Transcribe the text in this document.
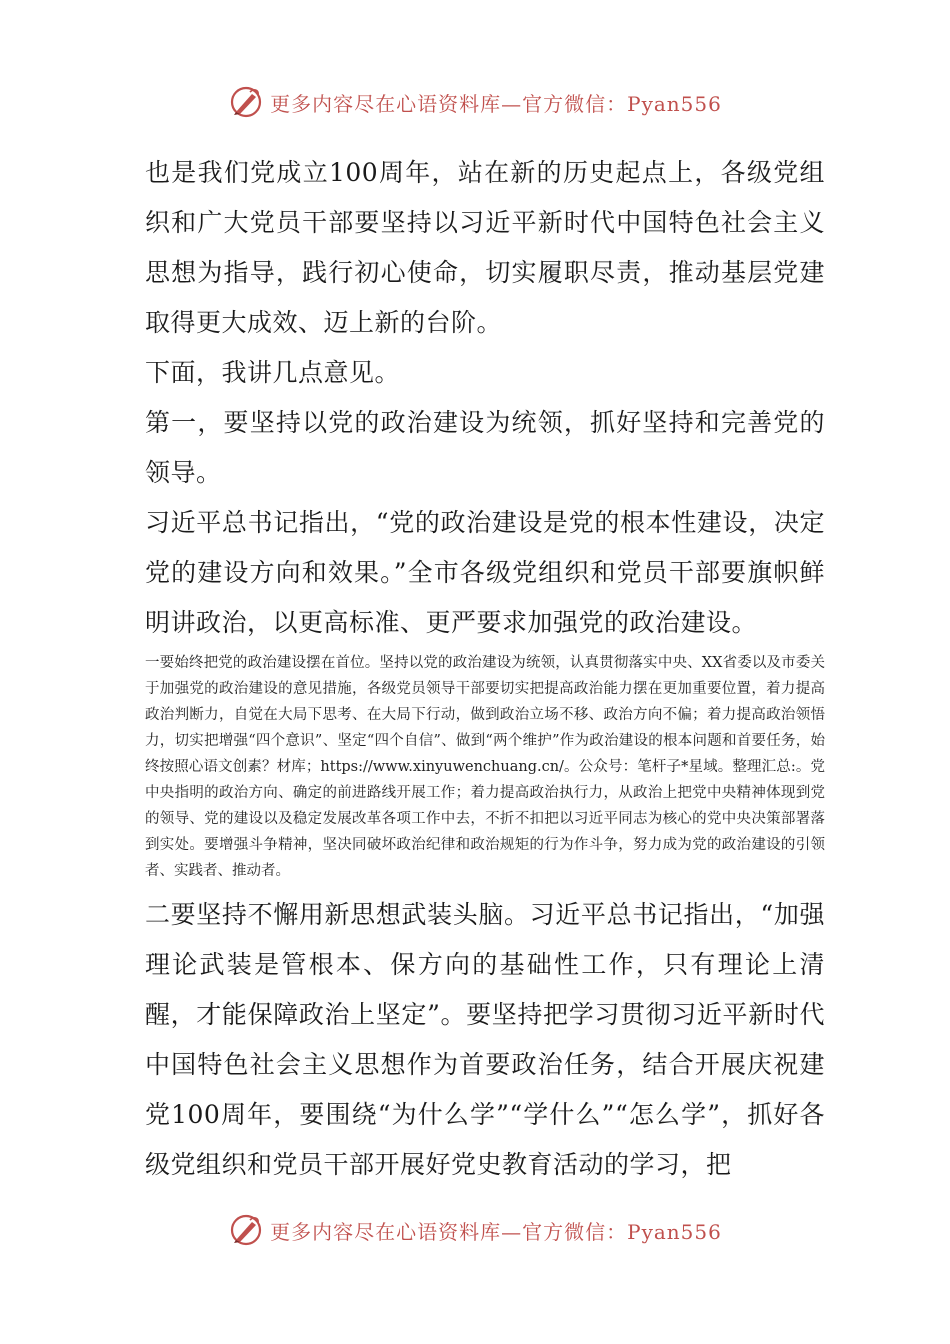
更多内容尽在心语资料库—官方微信：Pyan556

也是我们党成立100周年，站在新的历史起点上，各级党组织和广大党员干部要坚持以习近平新时代中国特色社会主义思想为指导，践行初心使命，切实履职尽责，推动基层党建取得更大成效、迈上新的台阶。

下面，我讲几点意见。

第一，要坚持以党的政治建设为统领，抓好坚持和完善党的领导。

习近平总书记指出，“党的政治建设是党的根本性建设，决定党的建设方向和效果。”全市各级党组织和党员干部要旗帜鲜明讲政治，以更高标准、更严要求加强党的政治建设。

一要始终把党的政治建设摆在首位。坚持以党的政治建设为统领，认真贯彻落实中央、XX省委以及市委关于加强党的政治建设的意见措施，各级党员领导干部要切实把提高政治能力摆在更加重要位置，着力提高政治判断力，自觉在大局下思考、在大局下行动，做到政治立场不移、政治方向不偏；着力提高政治领悟力，切实把增强“四个意识”、坚定“四个自信”、做到“两个维护”作为政治建设的根本问题和首要任务，始终按照心语文创素？材库；https://www.xinyuwenchuang.cn/。公众号：笔杆子*星域。整理汇总:。党中央指明的政治方向、确定的前进路线开展工作；着力提高政治执行力，从政治上把党中央精神体现到党的领导、党的建设以及稳定发展改革各项工作中去，不折不扣把以习近平同志为核心的党中央决策部署落到实处。要增强斗争精神，坚决同破坏政治纪律和政治规矩的行为作斗争，努力成为党的政治建设的引领者、实践者、推动者。

二要坚持不懈用新思想武装头脑。习近平总书记指出，“加强理论武装是管根本、保方向的基础性工作，只有理论上清醒，才能保障政治上坚定”。要坚持把学习贯彻习近平新时代中国特色社会主义思想作为首要政治任务，结合开展庆祝建党100周年，要围绕“为什么学”“学什么”“怎么学”，抓好各级党组织和党员干部开展好党史教育活动的学习，把

更多内容尽在心语资料库—官方微信：Pyan556
